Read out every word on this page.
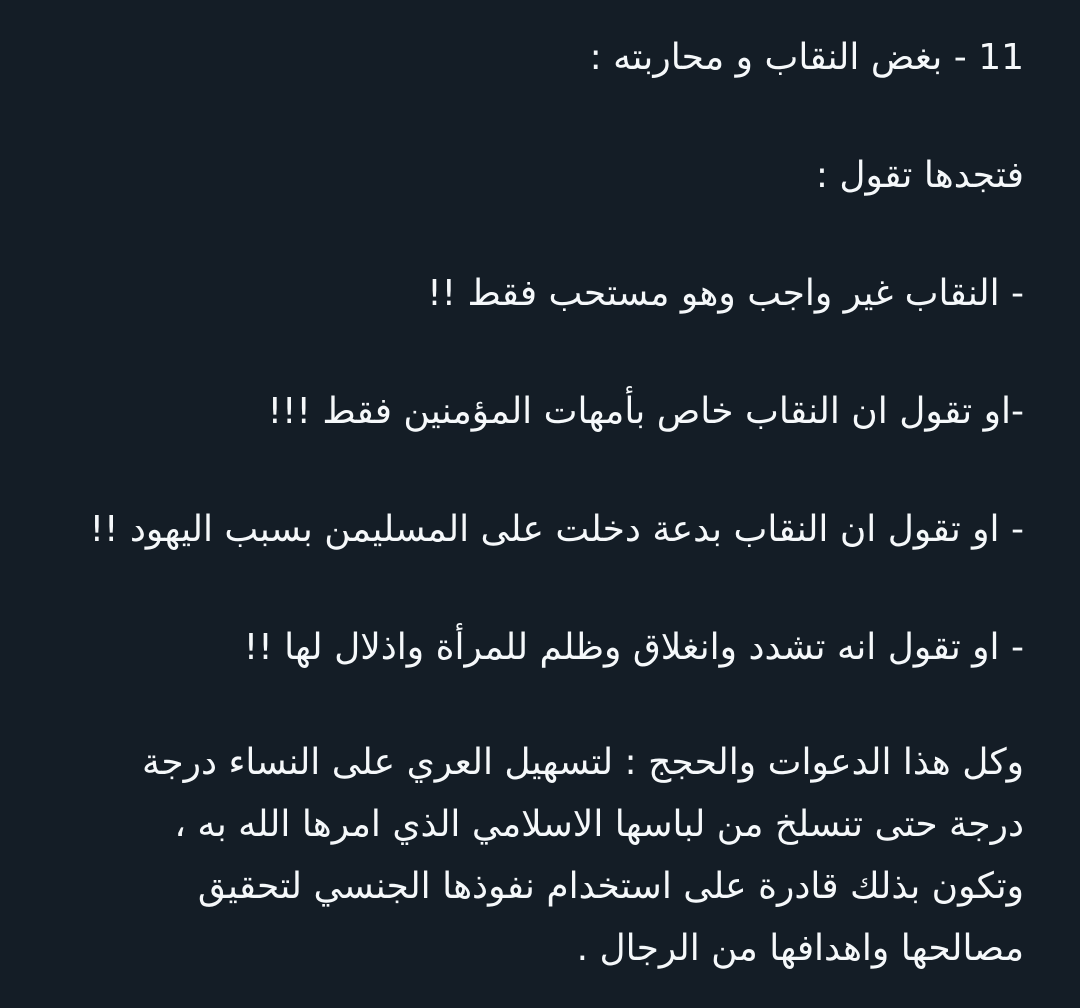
11 - بغض النقاب و محاربته :

فتجدها تقول :

- النقاب غير واجب وهو مستحب فقط !!

-او تقول ان النقاب خاص بأمهات المؤمنين فقط !!!

- او تقول ان النقاب بدعة دخلت على المسليمن بسبب اليهود !!

- او تقول انه تشدد وانغلاق وظلم للمرأة واذلال لها !!

وكل هذا الدعوات والحجج : لتسهيل العري على النساء درجة
درجة حتى تنسلخ من لباسها الاسلامي الذي امرها الله به ،
وتكون بذلك قادرة على استخدام نفوذها الجنسي لتحقيق
مصالحها واهدافها من الرجال .
